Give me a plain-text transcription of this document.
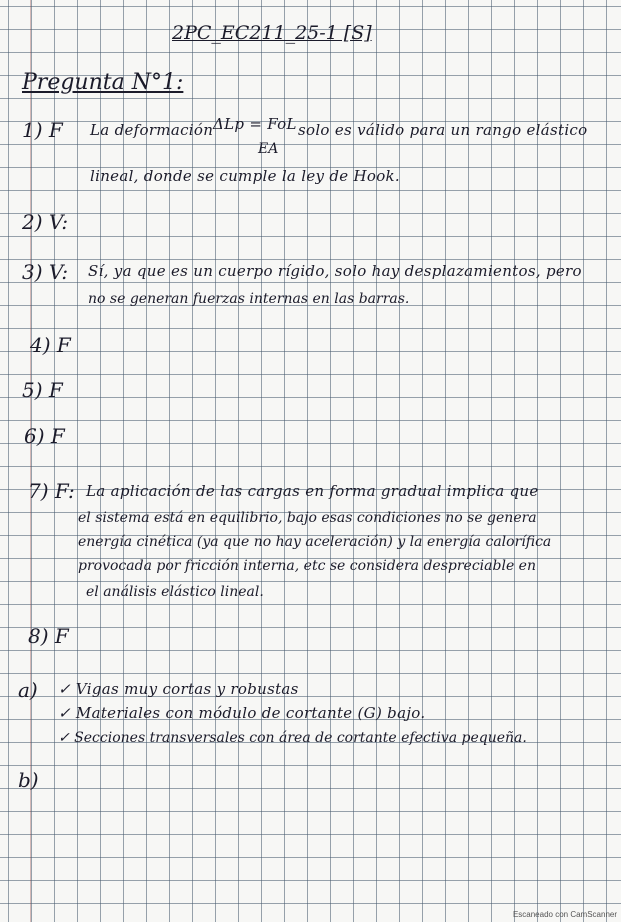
2PC_EC211_25-1 [S]
Pregunta N°1:
1) F La deformación ΔLp = FoL
EA
solo es válido para un rango elástico
lineal, donde se cumple la ley de Hook.
2) V:
3) V: Sí, ya que es un cuerpo rígido, solo hay desplazamientos, pero
no se generan fuerzas internas en las barras.
4) F
5) F
6) F
7) F: La aplicación de las cargas en forma gradual implica que
el sistema está en equilibrio, bajo esas condiciones no se genera
energía cinética (ya que no hay aceleración) y la energía calorífica
provocada por fricción interna, etc se considera despreciable en
el análisis elástico lineal.
8) F
a) ✓ Vigas muy cortas y robustas
✓ Materiales con módulo de cortante (G) bajo.
✓ Secciones transversales con área de cortante efectiva pequeña.
b)
Escaneado con CamScanner
